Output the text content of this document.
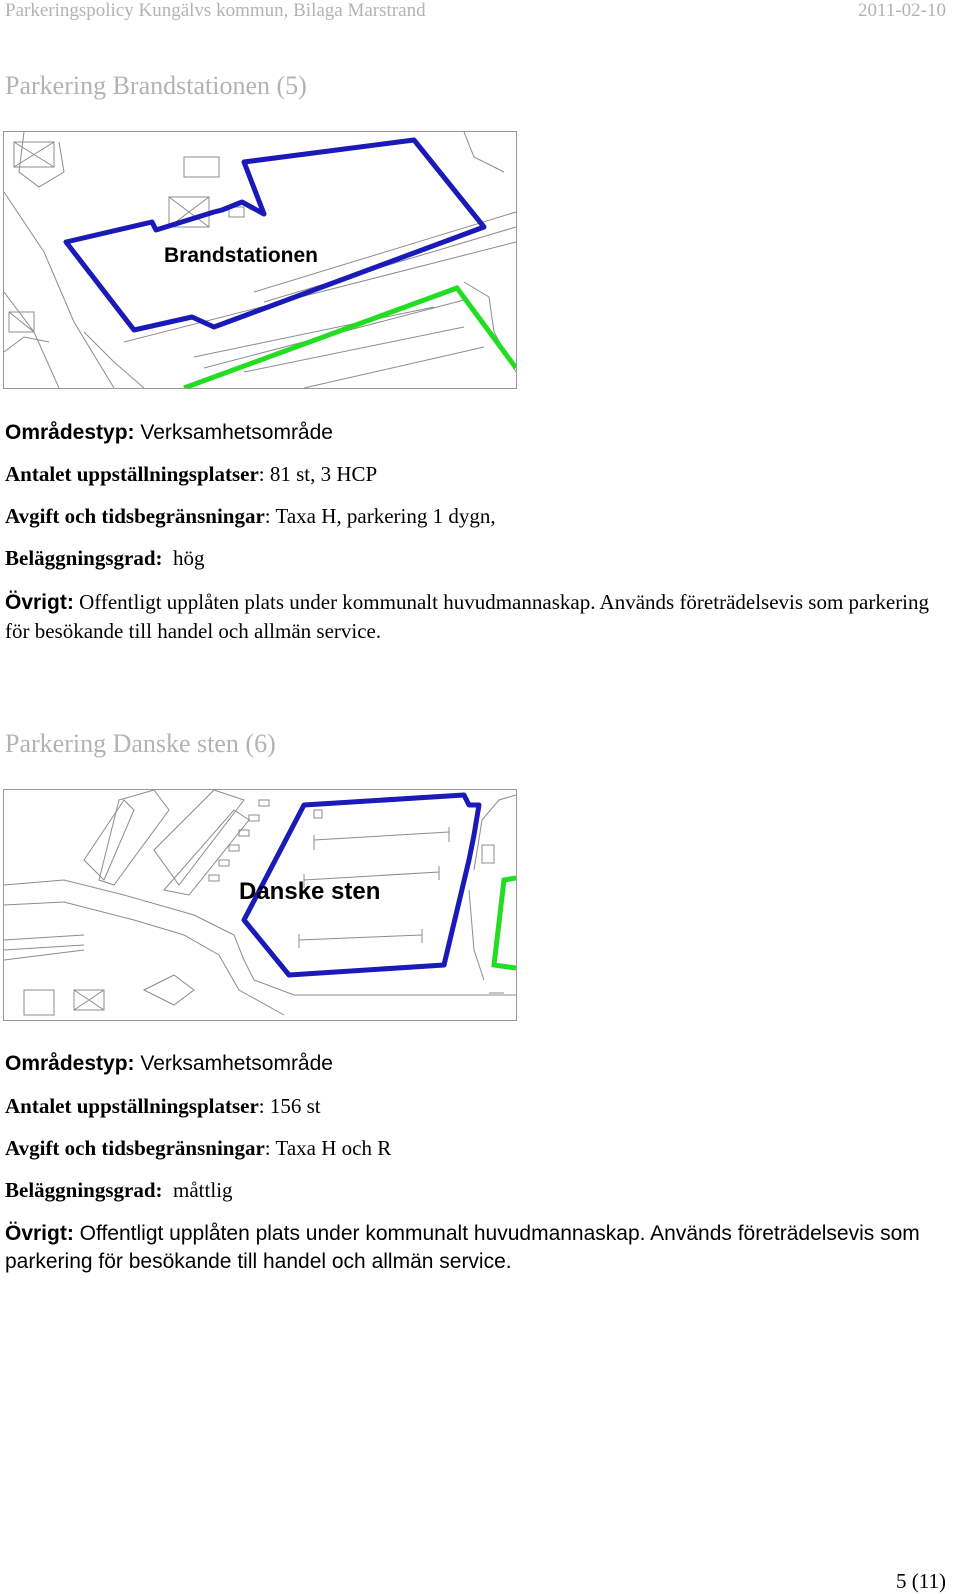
Parkeringspolicy Kungälvs kommun, Bilaga Marstrand	2011-02-10
Parkering Brandstationen (5)
Brandstationen
Områdestyp: Verksamhetsområde
Antalet uppställningsplatser: 81 st, 3 HCP
Avgift och tidsbegränsningar: Taxa H, parkering 1 dygn,
Beläggningsgrad:  hög
Övrigt: Offentligt upplåten plats under kommunalt huvudmannaskap. Används företrädelsevis som parkering för besökande till handel och allmän service.
Parkering Danske sten (6)
Danske sten
Områdestyp: Verksamhetsområde
Antalet uppställningsplatser: 156 st
Avgift och tidsbegränsningar: Taxa H och R
Beläggningsgrad:  måttlig
Övrigt: Offentligt upplåten plats under kommunalt huvudmannaskap. Används företrädelsevis som parkering för besökande till handel och allmän service.
5 (11)
